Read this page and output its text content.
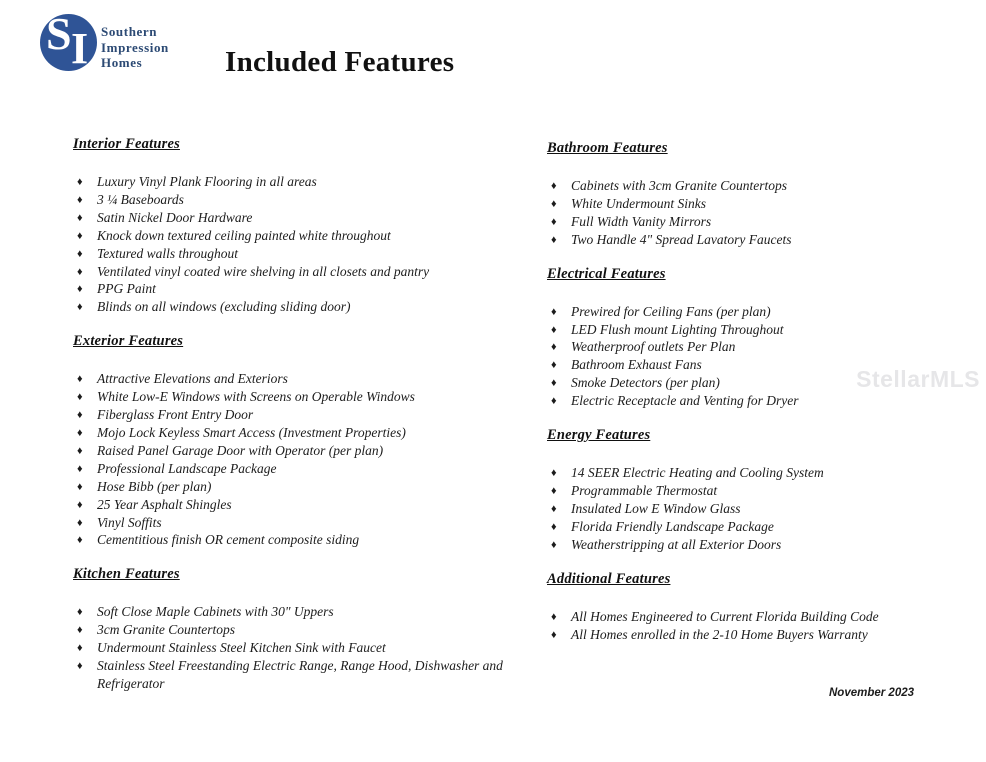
S I Southern
Impression
Homes	Included Features
Interior Features
♦ Luxury Vinyl Plank Flooring in all areas
♦ 3 ¼ Baseboards
♦ Satin Nickel Door Hardware
♦ Knock down textured ceiling painted white throughout
♦ Textured walls throughout
♦ Ventilated vinyl coated wire shelving in all closets and pantry
♦ PPG Paint
♦ Blinds on all windows (excluding sliding door)
Exterior Features
♦ Attractive Elevations and Exteriors
♦ White Low-E Windows with Screens on Operable Windows
♦ Fiberglass Front Entry Door
♦ Mojo Lock Keyless Smart Access (Investment Properties)
♦ Raised Panel Garage Door with Operator (per plan)
♦ Professional Landscape Package
♦ Hose Bibb (per plan)
♦ 25 Year Asphalt Shingles
♦ Vinyl Soffits
♦ Cementitious finish OR cement composite siding
Kitchen Features
♦ Soft Close Maple Cabinets with 30" Uppers
♦ 3cm Granite Countertops
♦ Undermount Stainless Steel Kitchen Sink with Faucet
♦ Stainless Steel Freestanding Electric Range, Range Hood, Dishwasher and Refrigerator
Bathroom Features
♦ Cabinets with 3cm Granite Countertops
♦ White Undermount Sinks
♦ Full Width Vanity Mirrors
♦ Two Handle 4" Spread Lavatory Faucets
Electrical Features
♦ Prewired for Ceiling Fans (per plan)
♦ LED Flush mount Lighting Throughout
♦ Weatherproof outlets Per Plan
♦ Bathroom Exhaust Fans
♦ Smoke Detectors (per plan)
♦ Electric Receptacle and Venting for Dryer
Energy Features
♦ 14 SEER Electric Heating and Cooling System
♦ Programmable Thermostat
♦ Insulated Low E Window Glass
♦ Florida Friendly Landscape Package
♦ Weatherstripping at all Exterior Doors
Additional Features
♦ All Homes Engineered to Current Florida Building Code
♦ All Homes enrolled in the 2-10 Home Buyers Warranty
StellarMLS
November 2023
